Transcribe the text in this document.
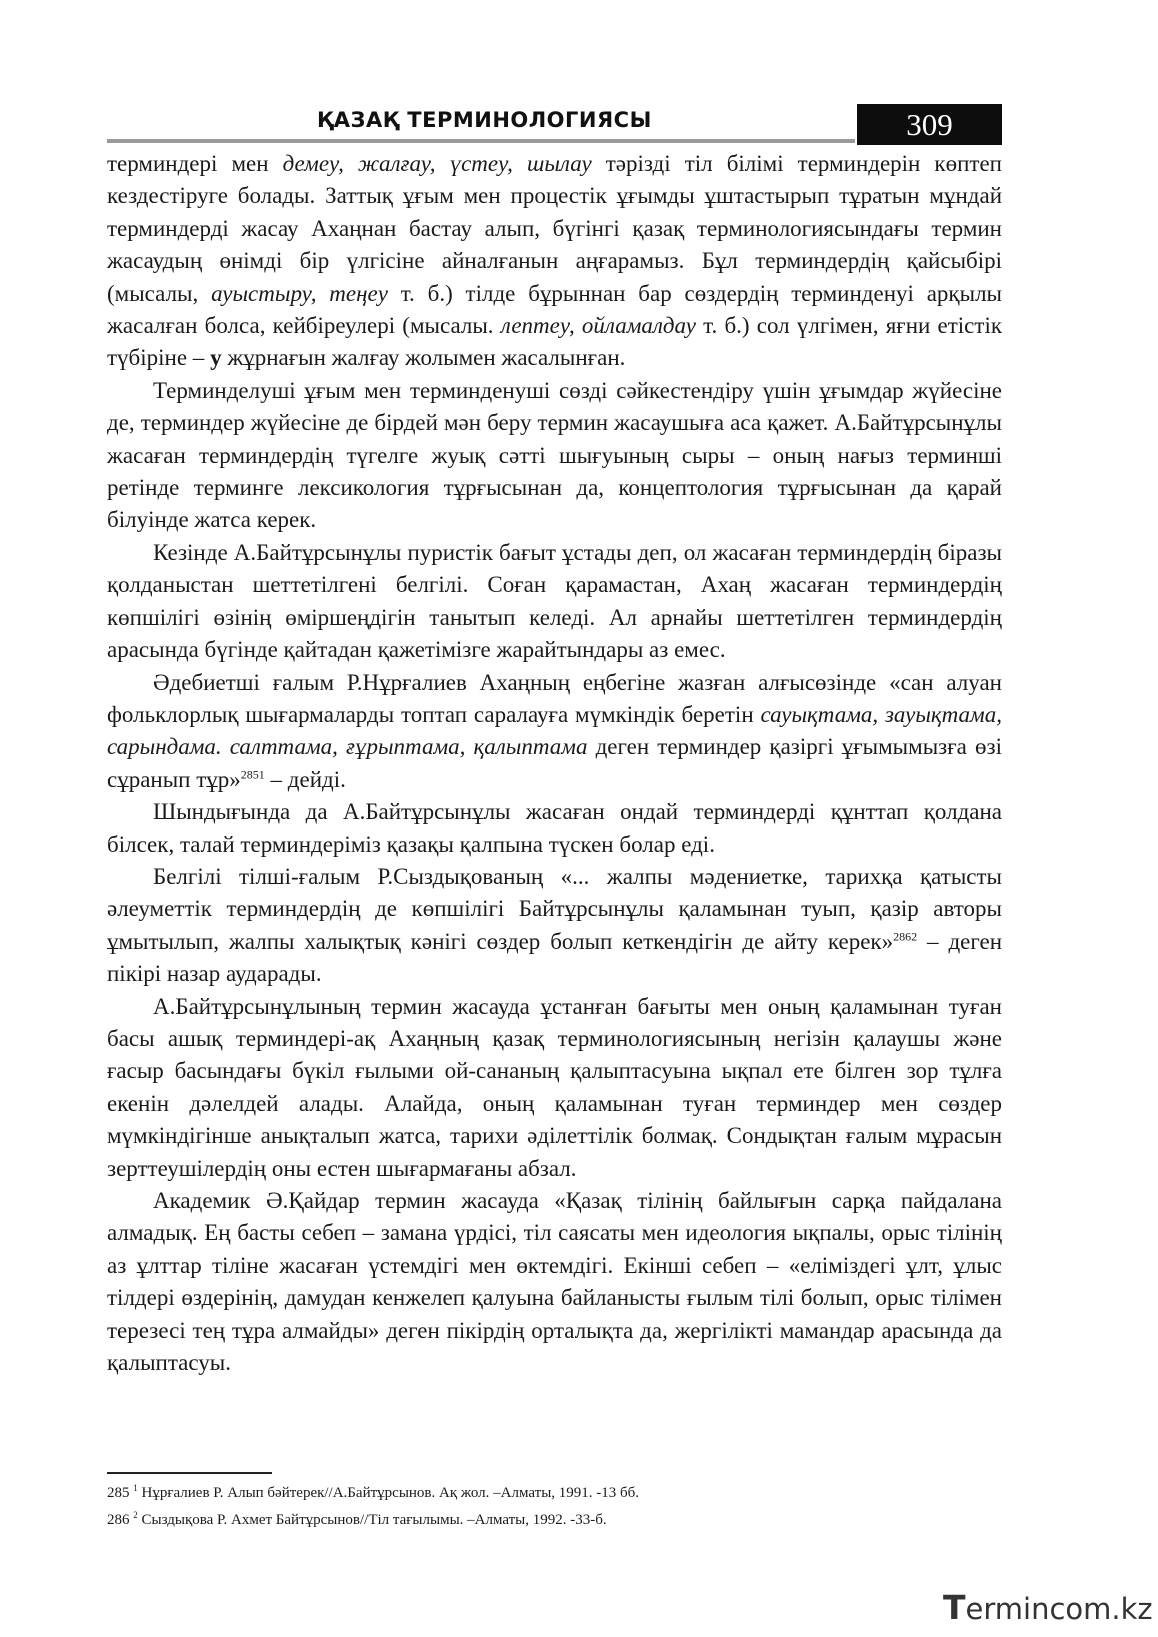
ҚАЗАҚ ТЕРМИНОЛОГИЯСЫ	309

терминдері мен демеу, жалғау, үстеу, шылау тәрізді тіл білімі терминдерін көптеп кездестіруге болады. Заттық ұғым мен процестік ұғымды ұштастырып тұратын мұндай терминдерді жасау Ахаңнан бастау алып, бүгінгі қазақ терминологиясындағы термин жасаудың өнімді бір үлгісіне айналғанын аңғарамыз. Бұл терминдердің қайсыбірі (мысалы, ауыстыру, теңеу т. б.) тілде бұрыннан бар сөздердің терминденуі арқылы жасалған болса, кейбіреулері (мысалы. лептеу, ойламалдау т. б.) сол үлгімен, яғни етістік түбіріне – у жұрнағын жалғау жолымен жасалынған.

Терминделуші ұғым мен терминденуші сөзді сәйкестендіру үшін ұғымдар жүйесіне де, терминдер жүйесіне де бірдей мән беру термин жасаушыға аса қажет. А.Байтұрсынұлы жасаған терминдердің түгелге жуық сәтті шығуының сыры – оның нағыз терминші ретінде терминге лексикология тұрғысынан да, концептология тұрғысынан да қарай білуінде жатса керек.

Кезінде А.Байтұрсынұлы пуристік бағыт ұстады деп, ол жасаған терминдердің біразы қолданыстан шеттетілгені белгілі. Соған қарамастан, Ахаң жасаған терминдердің көпшілігі өзінің өміршеңдігін танытып келеді. Ал арнайы шеттетілген терминдердің арасында бүгінде қайтадан қажетімізге жарайтындары аз емес.

Әдебиетші ғалым Р.Нұрғалиев Ахаңның еңбегіне жазған алғысөзінде «сан алуан фольклорлық шығармаларды топтап саралауға мүмкіндік беретін сауықтама, зауықтама, сарындама. салттама, ғұрыптама, қалыптама деген терминдер қазіргі ұғымымызға өзі сұранып тұр»$^{2851}$ – дейді.

Шындығында да А.Байтұрсынұлы жасаған ондай терминдерді құнттап қолдана білсек, талай терминдеріміз қазақы қалпына түскен болар еді.

Белгілі тілші-ғалым Р.Сыздықованың «... жалпы мәдениетке, тарихқа қатысты әлеуметтік терминдердің де көпшілігі Байтұрсынұлы қаламынан туып, қазір авторы ұмытылып, жалпы халықтық кәнігі сөздер болып кеткендігін де айту керек»$^{2862}$ – деген пікірі назар аударады.

А.Байтұрсынұлының термин жасауда ұстанған бағыты мен оның қаламынан туған басы ашық терминдері-ақ Ахаңның қазақ терминологиясының негізін қалаушы және ғасыр басындағы бүкіл ғылыми ой-сананың қалыптасуына ықпал ете білген зор тұлға екенін дәлелдей алады. Алайда, оның қаламынан туған терминдер мен сөздер мүмкіндігінше анықталып жатса, тарихи әділеттілік болмақ. Сондықтан ғалым мұрасын зерттеушілердің оны естен шығармағаны абзал.

Академик Ә.Қайдар термин жасауда «Қазақ тілінің байлығын сарқа пайдалана алмадық. Ең басты себеп – замана үрдісі, тіл саясаты мен идеология ықпалы, орыс тілінің аз ұлттар тіліне жасаған үстемдігі мен өктемдігі. Екінші себеп – «еліміздегі ұлт, ұлыс тілдері өздерінің, дамудан кенжелеп қалуына байланысты ғылым тілі болып, орыс тілімен терезесі тең тұра алмайды» деген пікірдің орталықта да, жергілікті мамандар арасында да қалыптасуы.

285 $^1$ Нұрғалиев Р. Алып бәйтерек//А.Байтұрсынов. Ақ жол. –Алматы, 1991. -13 бб.
286 $^2$ Сыздықова Р. Ахмет Байтұрсынов//Тіл тағылымы. –Алматы, 1992. -33-б.
Termincom.kz
